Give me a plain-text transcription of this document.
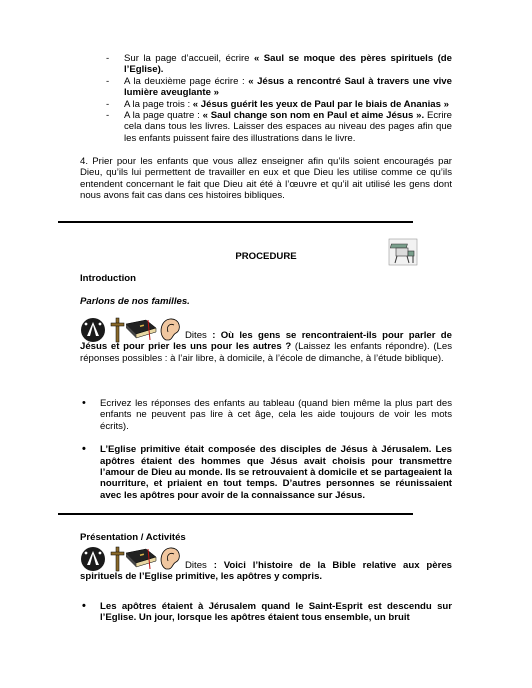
- Sur la page d’accueil, écrire « Saul se moque des pères spirituels (de l’Eglise).
- A la deuxième page écrire : « Jésus a rencontré Saul à travers une vive lumière aveuglante »
- A la page trois : « Jésus guérit les yeux de Paul par le biais de Ananias »
- A la page quatre : « Saul change son nom en Paul et aime Jésus ». Ecrire cela dans tous les livres. Laisser des espaces au niveau des pages afin que les enfants puissent faire des illustrations dans le livre.

4. Prier pour les enfants que vous allez enseigner afin qu’ils soient encouragés par Dieu, qu’ils lui permettent de travailler en eux et que Dieu les utilise comme ce qu’ils entendent concernant le fait que Dieu ait été à l’œuvre et qu’il ait utilisé les gens dont nous avons fait cas dans ces histoires bibliques.

PROCEDURE
Introduction
Parlons de nos familles.

Dites : Où les gens se rencontraient-ils pour parler de Jésus et pour prier les uns pour les autres ? (Laissez les enfants répondre). (Les réponses possibles : à l’air libre, à domicile, à l’école de dimanche, à l’étude biblique).

• Ecrivez les réponses des enfants au tableau (quand bien même la plus part des enfants ne peuvent pas lire à cet âge, cela les aide toujours de voir les mots écrits).
• L’Eglise primitive était composée des disciples de Jésus à Jérusalem. Les apôtres étaient des hommes que Jésus avait choisis pour transmettre l’amour de Dieu au monde. Ils se retrouvaient à domicile et se partageaient la nourriture, et priaient en tout temps. D’autres personnes se réunissaient avec les apôtres pour avoir de la connaissance sur Jésus.
Présentation / Activités

Dites : Voici l’histoire de la Bible relative aux pères spirituels de l’Eglise primitive, les apôtres y compris.

• Les apôtres étaient à Jérusalem quand le Saint-Esprit est descendu sur l’Eglise. Un jour, lorsque les apôtres étaient tous ensemble, un bruit
